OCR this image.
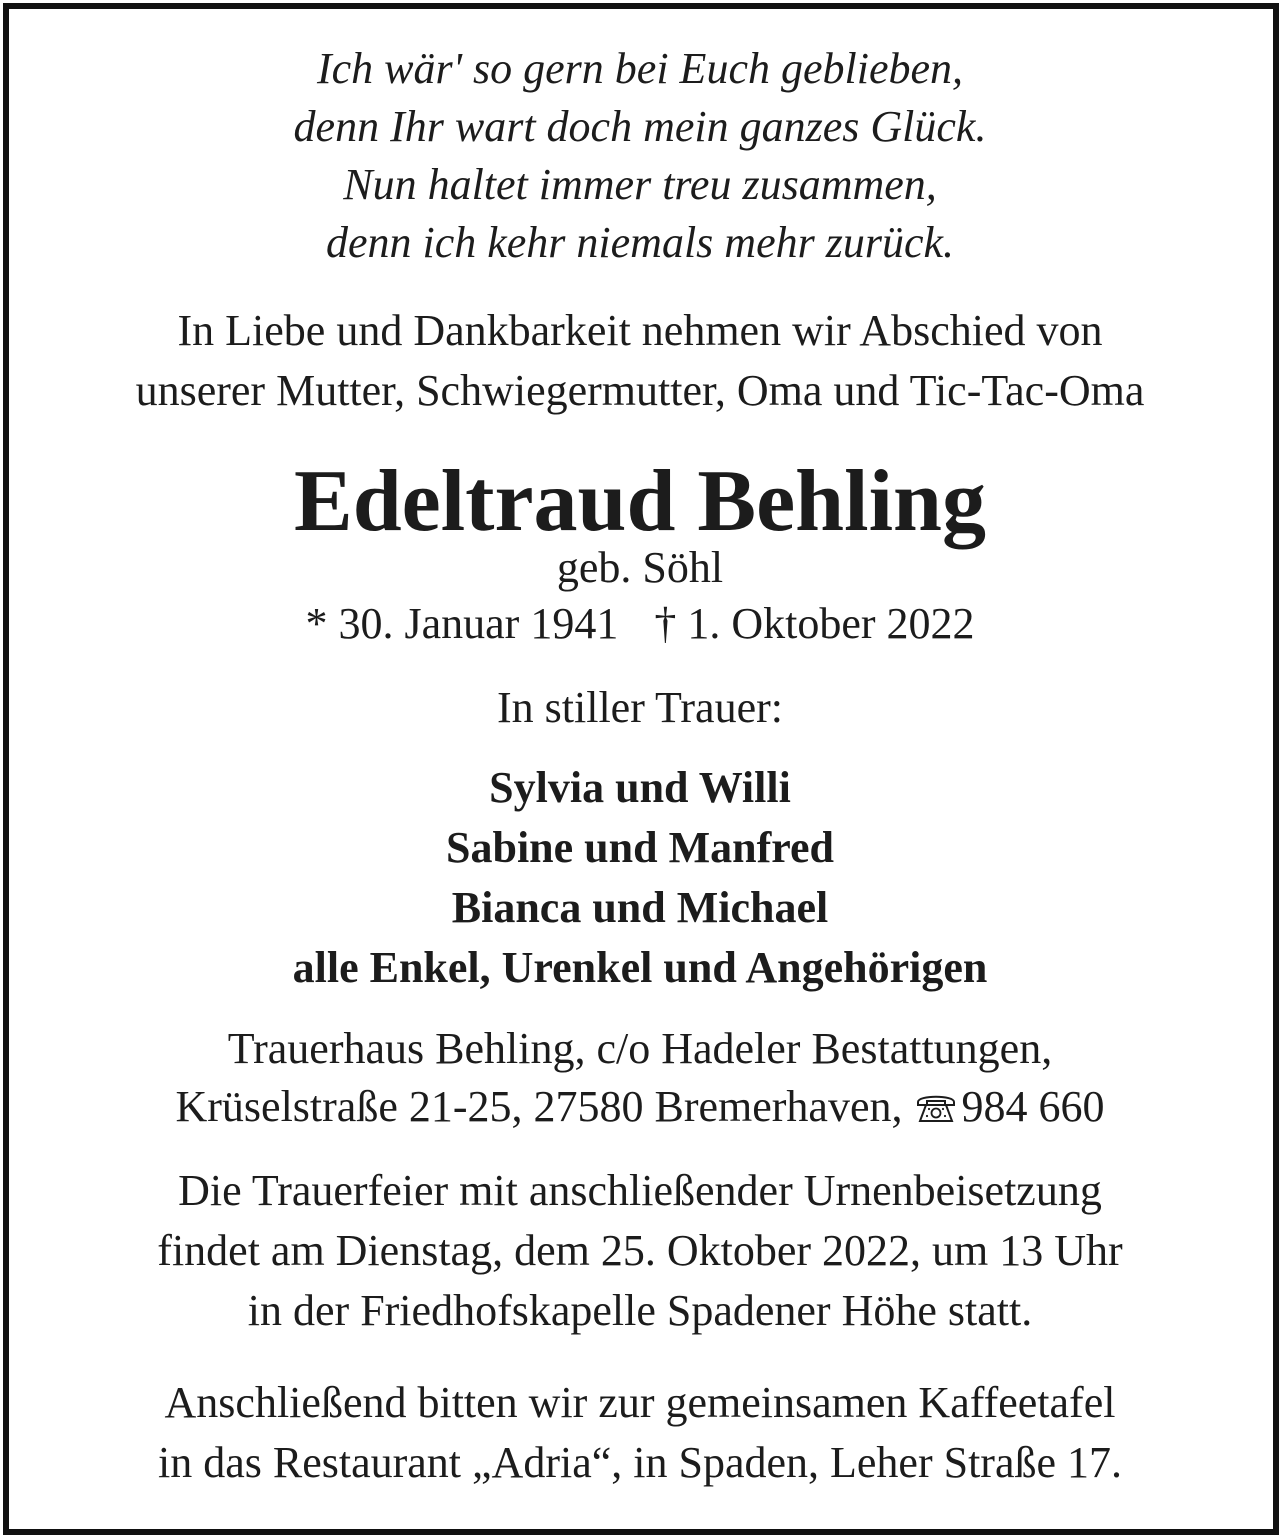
Ich wär' so gern bei Euch geblieben,
denn Ihr wart doch mein ganzes Glück.
Nun haltet immer treu zusammen,
denn ich kehr niemals mehr zurück.
In Liebe und Dankbarkeit nehmen wir Abschied von
unserer Mutter, Schwiegermutter, Oma und Tic-Tac-Oma
Edeltraud Behling
geb. Söhl
* 30. Januar 1941 † 1. Oktober 2022
In stiller Trauer:
Sylvia und Willi
Sabine und Manfred
Bianca und Michael
alle Enkel, Urenkel und Angehörigen
Trauerhaus Behling, c/o Hadeler Bestattungen,
Krüselstraße 21-25, 27580 Bremerhaven, 984 660
Die Trauerfeier mit anschließender Urnenbeisetzung
findet am Dienstag, dem 25. Oktober 2022, um 13 Uhr
in der Friedhofskapelle Spadener Höhe statt.
Anschließend bitten wir zur gemeinsamen Kaffeetafel
in das Restaurant „Adria“, in Spaden, Leher Straße 17.
